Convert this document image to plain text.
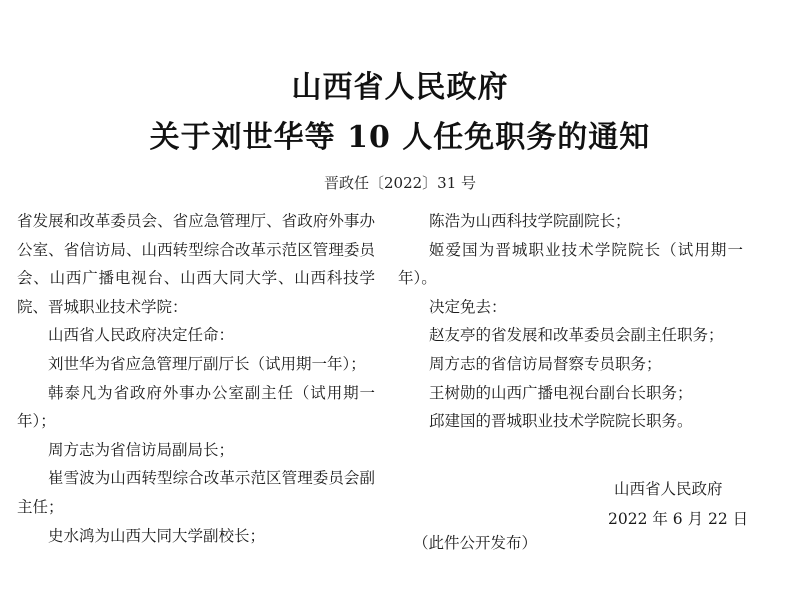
山西省人民政府
关于刘世华等 10 人任免职务的通知
晋政任〔2022〕31 号

省发展和改革委员会、省应急管理厅、省政府外事办公室、省信访局、山西转型综合改革示范区管理委员会、山西广播电视台、山西大同大学、山西科技学院、晋城职业技术学院：

山西省人民政府决定任命：

刘世华为省应急管理厅副厅长（试用期一年）；

韩泰凡为省政府外事办公室副主任（试用期一年）；

周方志为省信访局副局长；

崔雪波为山西转型综合改革示范区管理委员会副主任；

史水鸿为山西大同大学副校长；

陈浩为山西科技学院副院长；

姬爱国为晋城职业技术学院院长（试用期一年）。

决定免去：

赵友亭的省发展和改革委员会副主任职务；

周方志的省信访局督察专员职务；

王树勋的山西广播电视台副台长职务；

邱建国的晋城职业技术学院院长职务。

山西省人民政府
2022 年 6 月 22 日
（此件公开发布）
